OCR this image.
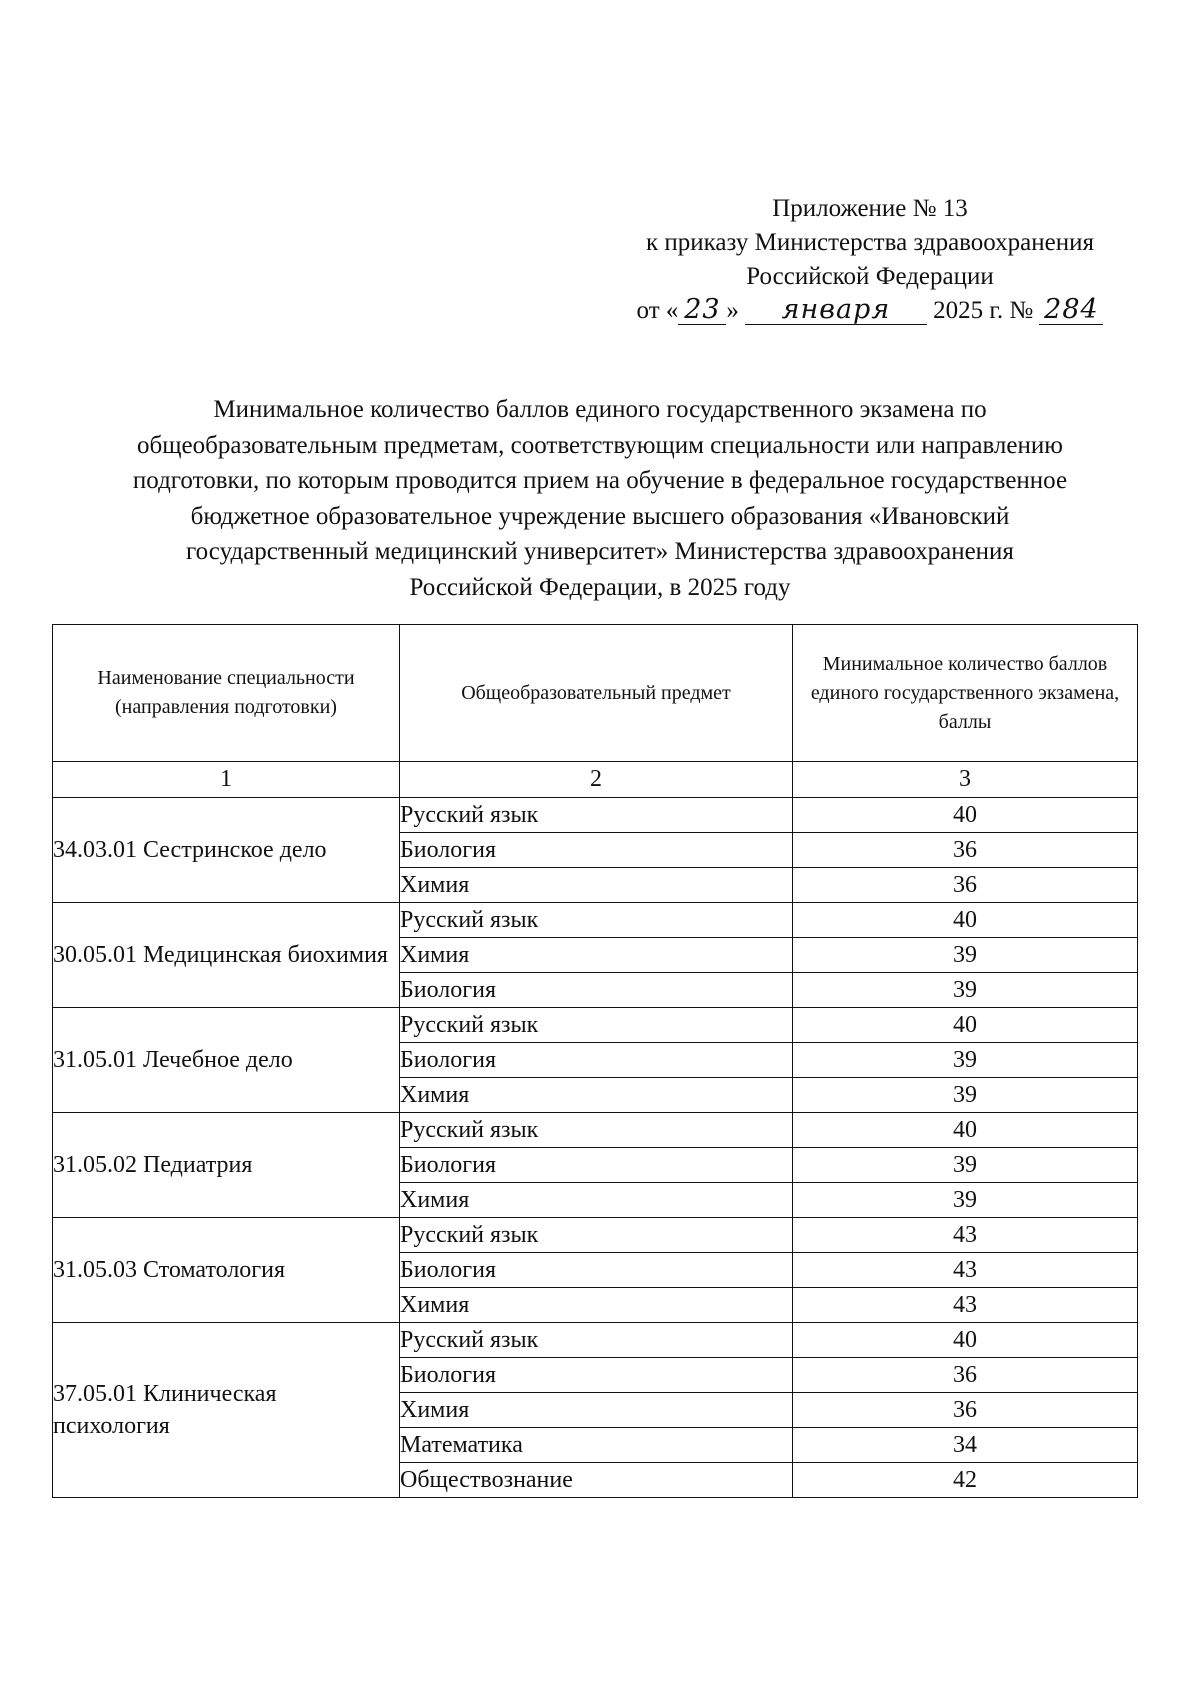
Приложение № 13
к приказу Министерства здравоохранения
Российской Федерации
от « 23 » января 2025 г. № 284
Минимальное количество баллов единого государственного экзамена по
общеобразовательным предметам, соответствующим специальности или направлению
подготовки, по которым проводится прием на обучение в федеральное государственное
бюджетное образовательное учреждение высшего образования «Ивановский
государственный медицинский университет» Министерства здравоохранения
Российской Федерации, в 2025 году
Наименование специальности (направления подготовки)	Общеобразовательный предмет	Минимальное количество баллов единого государственного экзамена, баллы
1	2	3
34.03.01 Сестринское дело	Русский язык	40
	Биология	36
	Химия	36
30.05.01 Медицинская биохимия	Русский язык	40
	Химия	39
	Биология	39
31.05.01 Лечебное дело	Русский язык	40
	Биология	39
	Химия	39
31.05.02 Педиатрия	Русский язык	40
	Биология	39
	Химия	39
31.05.03 Стоматология	Русский язык	43
	Биология	43
	Химия	43
37.05.01 Клиническая психология	Русский язык	40
	Биология	36
	Химия	36
	Математика	34
	Обществознание	42
